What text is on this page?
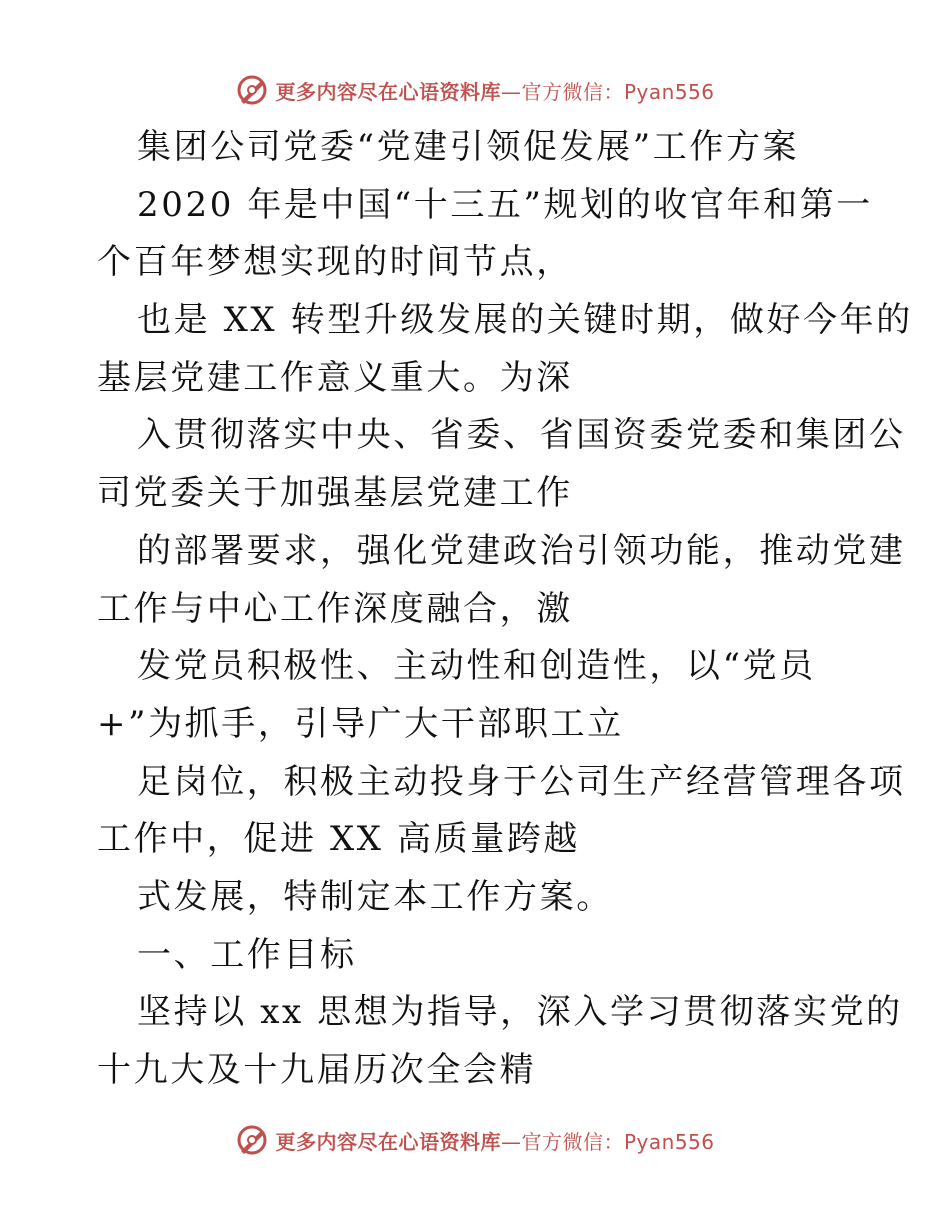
更多内容尽在心语资料库—官方微信：Pyan556
集团公司党委“党建引领促发展”工作方案
2020 年是中国“十三五”规划的收官年和第一
个百年梦想实现的时间节点，
也是 XX 转型升级发展的关键时期，做好今年的
基层党建工作意义重大。为深
入贯彻落实中央、省委、省国资委党委和集团公
司党委关于加强基层党建工作
的部署要求，强化党建政治引领功能，推动党建
工作与中心工作深度融合，激
发党员积极性、主动性和创造性，以“党员
+”为抓手，引导广大干部职工立
足岗位，积极主动投身于公司生产经营管理各项
工作中，促进 XX 高质量跨越
式发展，特制定本工作方案。
一、工作目标
坚持以 xx 思想为指导，深入学习贯彻落实党的
十九大及十九届历次全会精
更多内容尽在心语资料库—官方微信：Pyan556
